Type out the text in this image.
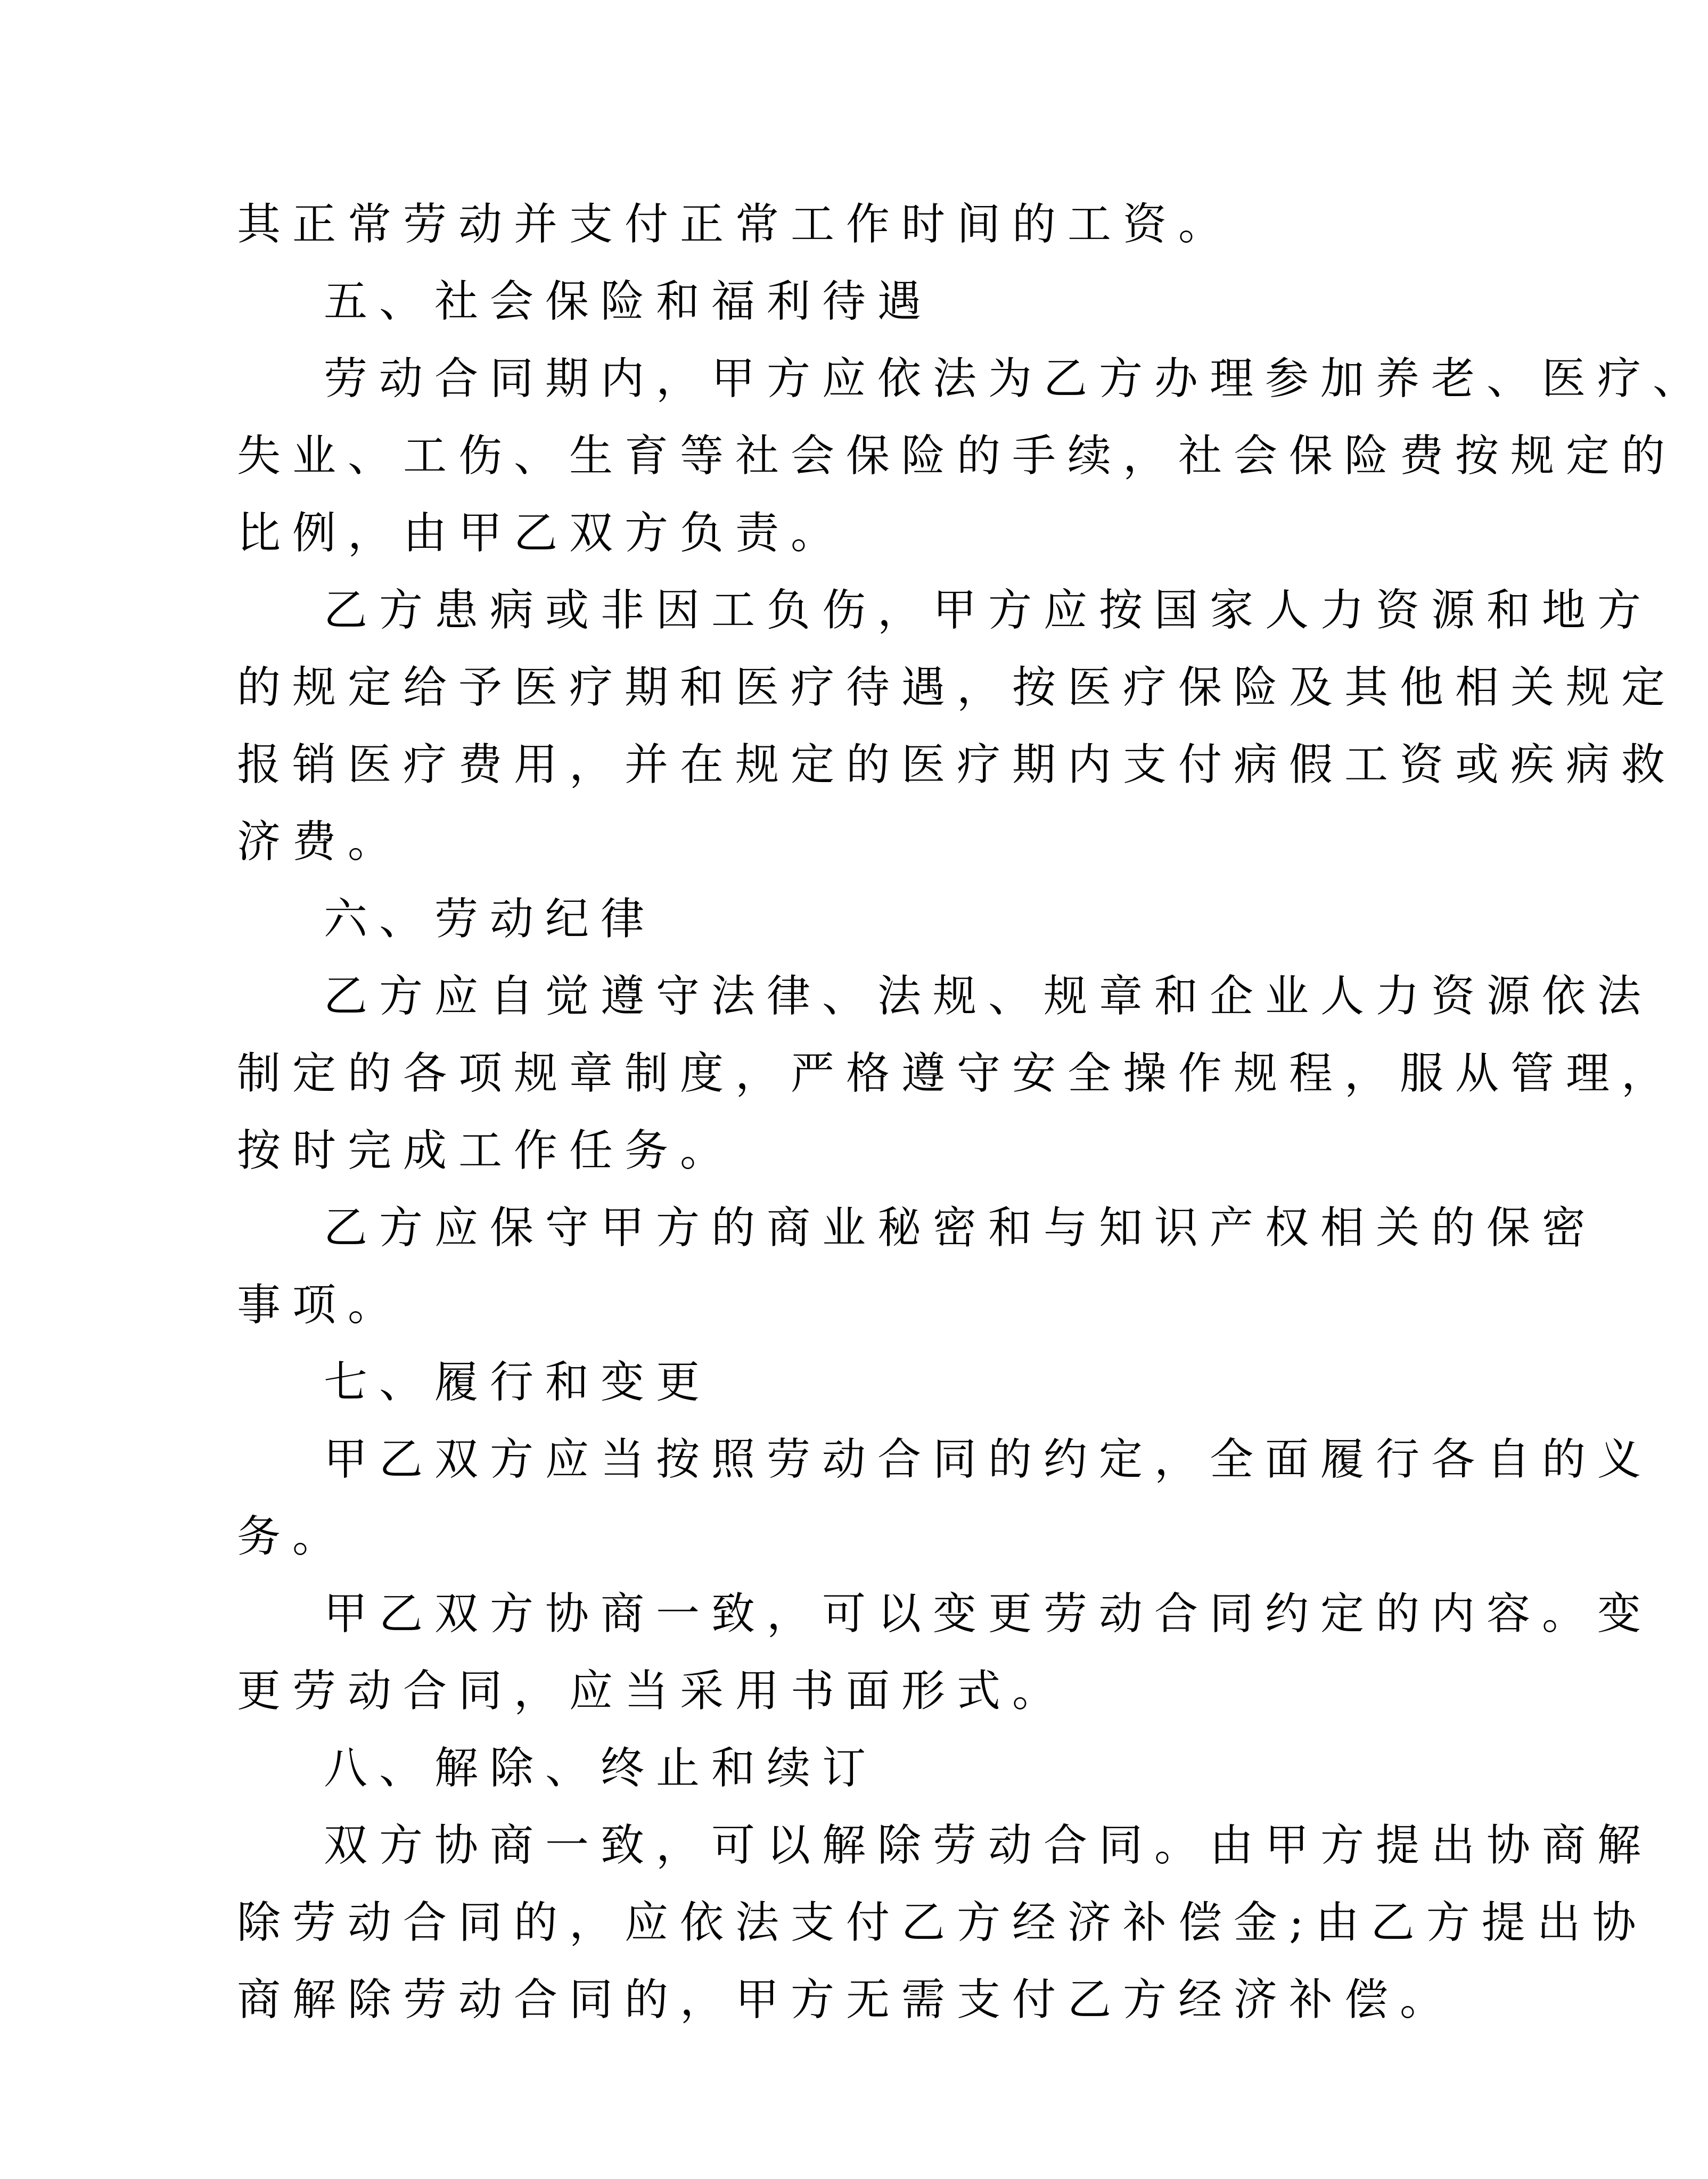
其正常劳动并支付正常工作时间的工资。
五、社会保险和福利待遇
劳动合同期内，甲方应依法为乙方办理参加养老、医疗、
失业、工伤、生育等社会保险的手续，社会保险费按规定的
比例，由甲乙双方负责。
乙方患病或非因工负伤，甲方应按国家人力资源和地方
的规定给予医疗期和医疗待遇，按医疗保险及其他相关规定
报销医疗费用，并在规定的医疗期内支付病假工资或疾病救
济费。
六、劳动纪律
乙方应自觉遵守法律、法规、规章和企业人力资源依法
制定的各项规章制度，严格遵守安全操作规程，服从管理，
按时完成工作任务。
乙方应保守甲方的商业秘密和与知识产权相关的保密
事项。
七、履行和变更
甲乙双方应当按照劳动合同的约定，全面履行各自的义
务。
甲乙双方协商一致，可以变更劳动合同约定的内容。变
更劳动合同，应当采用书面形式。
八、解除、终止和续订
双方协商一致，可以解除劳动合同。由甲方提出协商解
除劳动合同的，应依法支付乙方经济补偿金;由乙方提出协
商解除劳动合同的，甲方无需支付乙方经济补偿。
